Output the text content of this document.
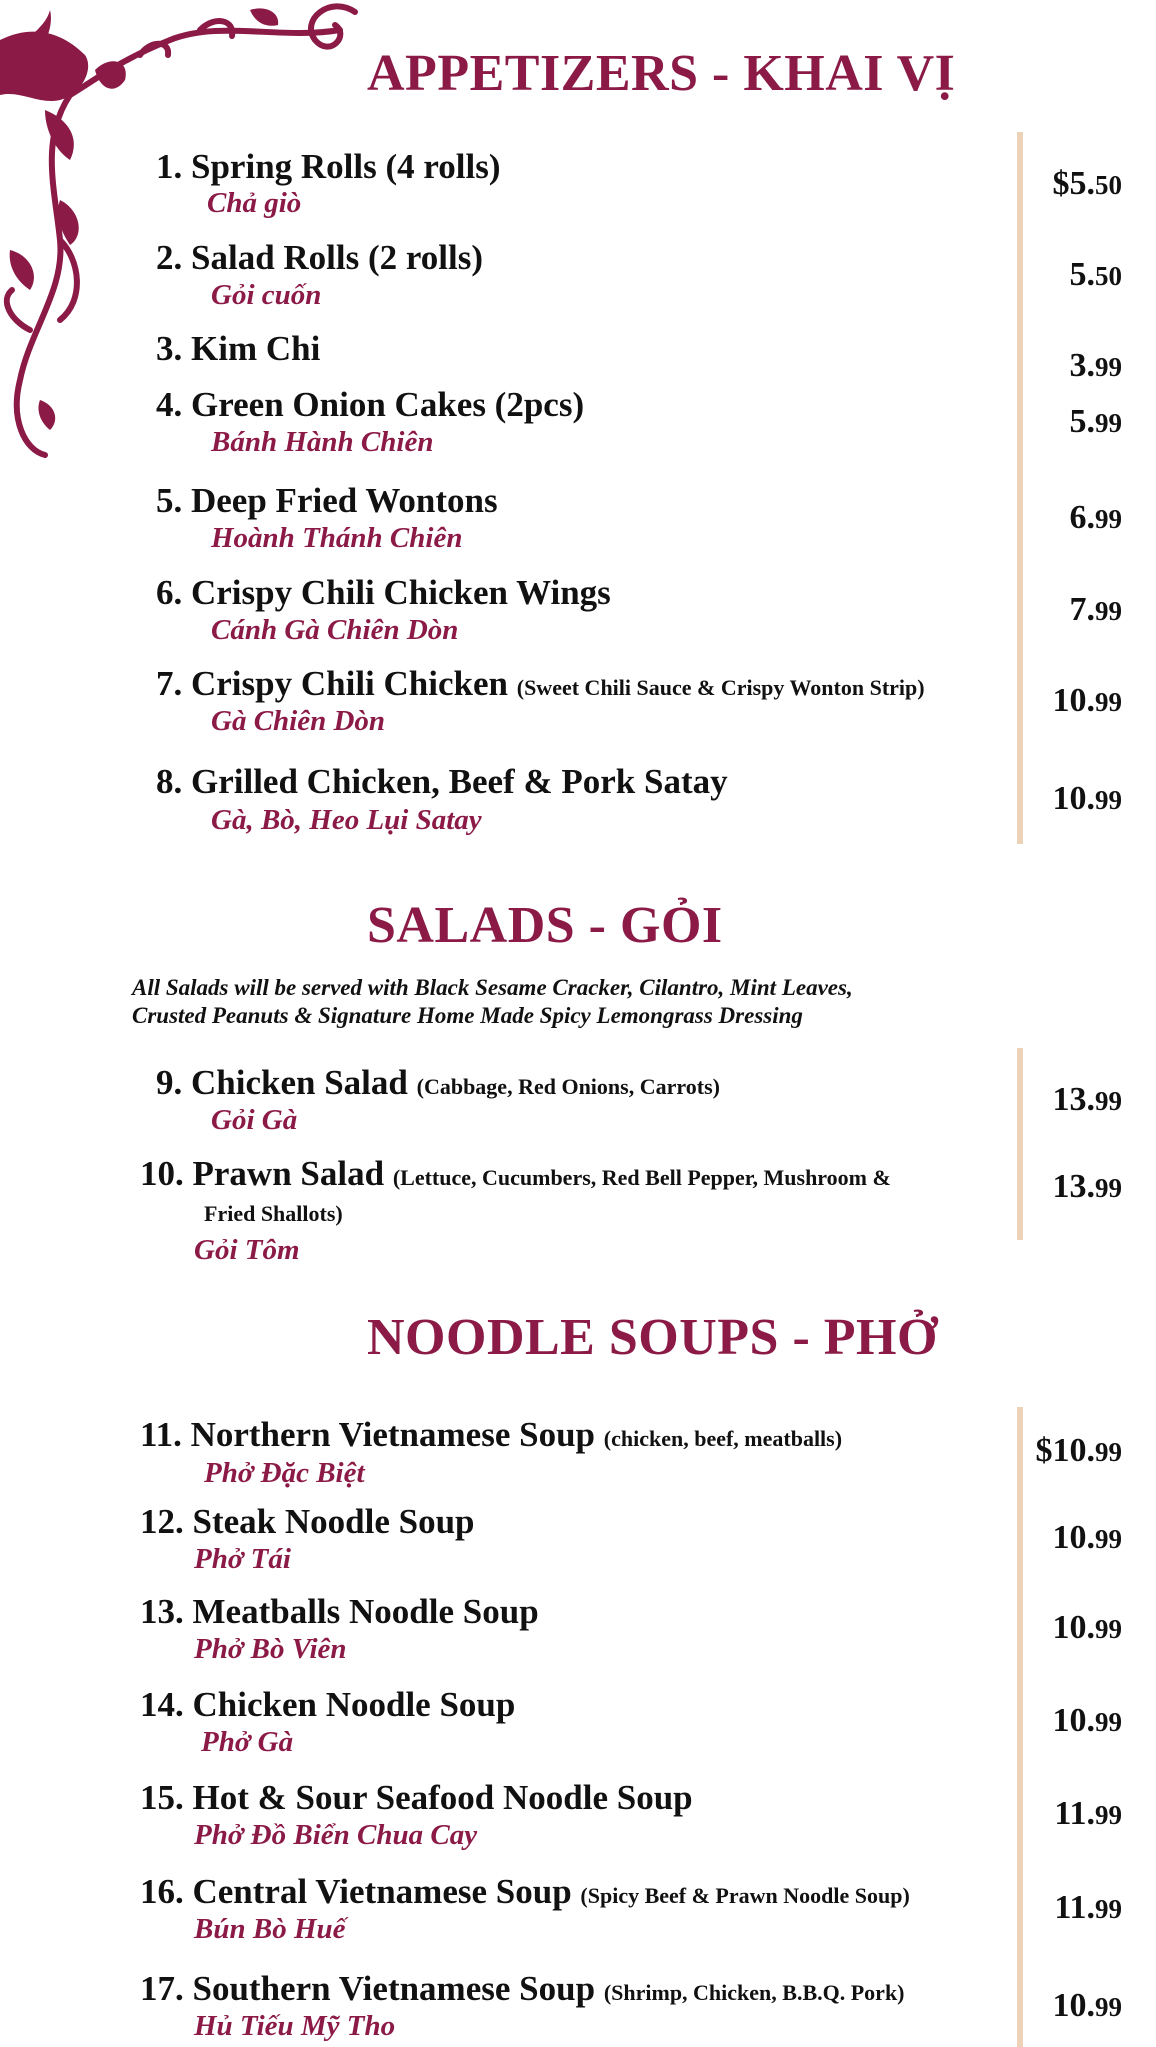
APPETIZERS - KHAI VỊ
SALADS - GỎI
NOODLE SOUPS - PHỞ
All Salads will be served with Black Sesame Cracker, Cilantro, Mint Leaves,
Crusted Peanuts & Signature Home Made Spicy Lemongrass Dressing
1. Spring Rolls (4 rolls)
Chả giò
$5.50
2. Salad Rolls (2 rolls)
Gỏi cuốn
5.50
3. Kim Chi	3.99
4. Green Onion Cakes (2pcs)
Bánh Hành Chiên
5.99
5. Deep Fried Wontons
Hoành Thánh Chiên
6.99
6. Crispy Chili Chicken Wings
Cánh Gà Chiên Dòn
7.99
7. Crispy Chili Chicken (Sweet Chili Sauce & Crispy Wonton Strip)
Gà Chiên Dòn
10.99
8. Grilled Chicken, Beef & Pork Satay
Gà, Bò, Heo Lụi Satay
10.99
9. Chicken Salad (Cabbage, Red Onions, Carrots)
Gỏi Gà
13.99
10. Prawn Salad (Lettuce, Cucumbers, Red Bell Pepper, Mushroom &
Fried Shallots)
Gỏi Tôm
13.99
11. Northern Vietnamese Soup (chicken, beef, meatballs)
Phở Đặc Biệt
$10.99
12. Steak Noodle Soup
Phở Tái
10.99
13. Meatballs Noodle Soup
Phở Bò Viên
10.99
14. Chicken Noodle Soup
Phở Gà
10.99
15. Hot & Sour Seafood Noodle Soup
Phở Đồ Biển Chua Cay
11.99
16. Central Vietnamese Soup (Spicy Beef & Prawn Noodle Soup)
Bún Bò Huế
11.99
17. Southern Vietnamese Soup (Shrimp, Chicken, B.B.Q. Pork)
Hủ Tiếu Mỹ Tho
10.99
